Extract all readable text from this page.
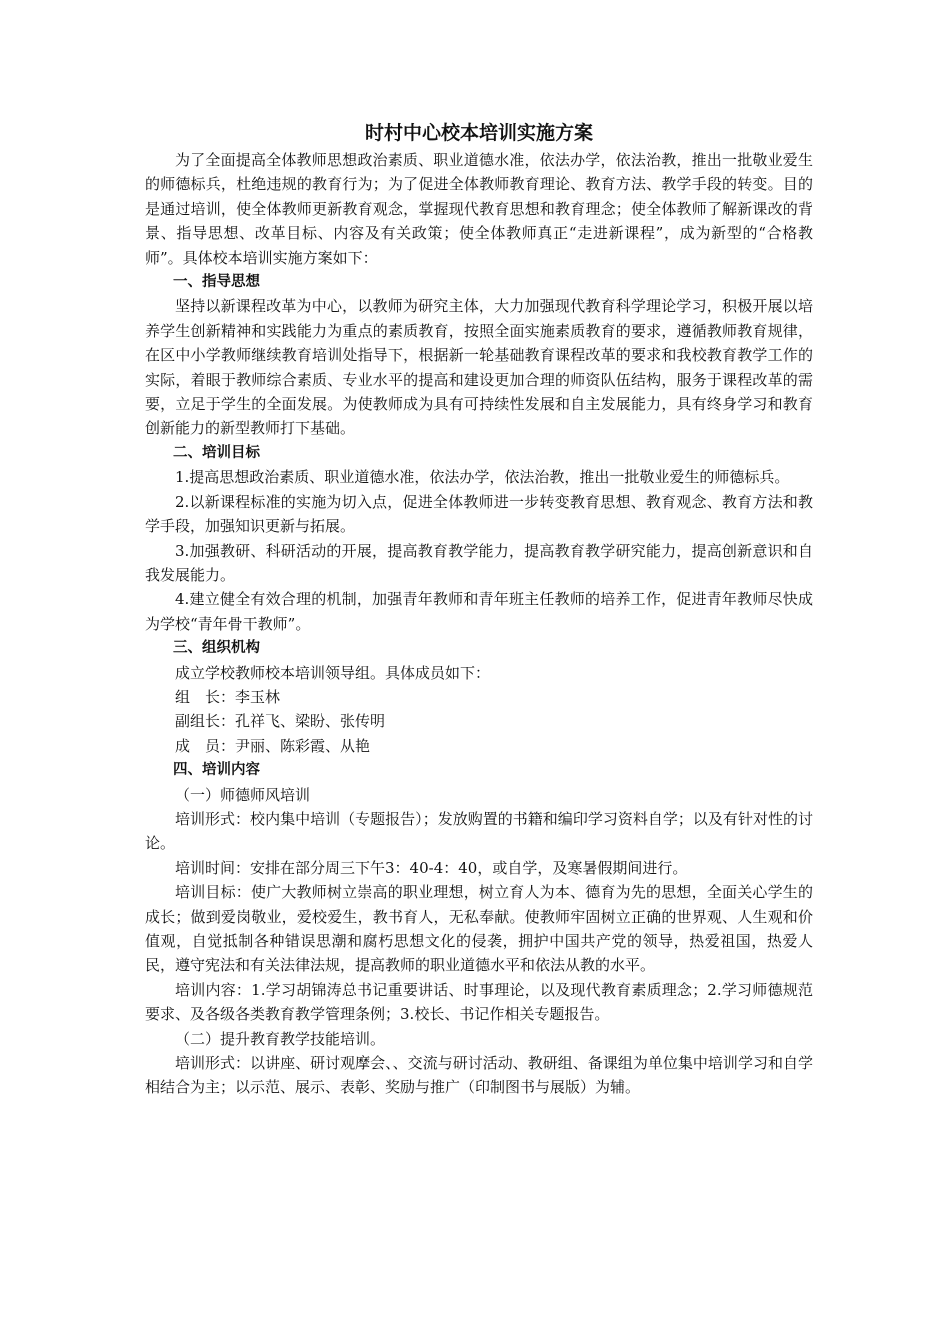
时村中心校本培训实施方案

为了全面提高全体教师思想政治素质、职业道德水准，依法办学，依法治教，推出一批敬业爱生的师德标兵，杜绝违规的教育行为；为了促进全体教师教育理论、教育方法、教学手段的转变。目的是通过培训，使全体教师更新教育观念，掌握现代教育思想和教育理念；使全体教师了解新课改的背景、指导思想、改革目标、内容及有关政策；使全体教师真正“走进新课程”，成为新型的“合格教师”。具体校本培训实施方案如下：

一、指导思想

坚持以新课程改革为中心，以教师为研究主体，大力加强现代教育科学理论学习，积极开展以培养学生创新精神和实践能力为重点的素质教育，按照全面实施素质教育的要求，遵循教师教育规律，在区中小学教师继续教育培训处指导下，根据新一轮基础教育课程改革的要求和我校教育教学工作的实际，着眼于教师综合素质、专业水平的提高和建设更加合理的师资队伍结构，服务于课程改革的需要，立足于学生的全面发展。为使教师成为具有可持续性发展和自主发展能力，具有终身学习和教育创新能力的新型教师打下基础。

二、培训目标

1.提高思想政治素质、职业道德水准，依法办学，依法治教，推出一批敬业爱生的师德标兵。

2.以新课程标准的实施为切入点，促进全体教师进一步转变教育思想、教育观念、教育方法和教学手段，加强知识更新与拓展。

3.加强教研、科研活动的开展，提高教育教学能力，提高教育教学研究能力，提高创新意识和自我发展能力。

4.建立健全有效合理的机制，加强青年教师和青年班主任教师的培养工作，促进青年教师尽快成为学校“青年骨干教师”。

三、组织机构

成立学校教师校本培训领导组。具体成员如下：

组　长：李玉林

副组长：孔祥飞、梁盼、张传明

成　员：尹丽、陈彩霞、从艳

四、培训内容

（一）师德师风培训

培训形式：校内集中培训（专题报告）；发放购置的书籍和编印学习资料自学；以及有针对性的讨论。

培训时间：安排在部分周三下午3：40-4：40，或自学，及寒暑假期间进行。

培训目标：使广大教师树立崇高的职业理想，树立育人为本、德育为先的思想，全面关心学生的成长；做到爱岗敬业，爱校爱生，教书育人，无私奉献。使教师牢固树立正确的世界观、人生观和价值观，自觉抵制各种错误思潮和腐朽思想文化的侵袭，拥护中国共产党的领导，热爱祖国，热爱人民，遵守宪法和有关法律法规，提高教师的职业道德水平和依法从教的水平。

培训内容：1.学习胡锦涛总书记重要讲话、时事理论，以及现代教育素质理念；2.学习师德规范要求、及各级各类教育教学管理条例；3.校长、书记作相关专题报告。

（二）提升教育教学技能培训。

培训形式：以讲座、研讨观摩会、、交流与研讨活动、教研组、备课组为单位集中培训学习和自学相结合为主；以示范、展示、表彰、奖励与推广（印制图书与展版）为辅。
